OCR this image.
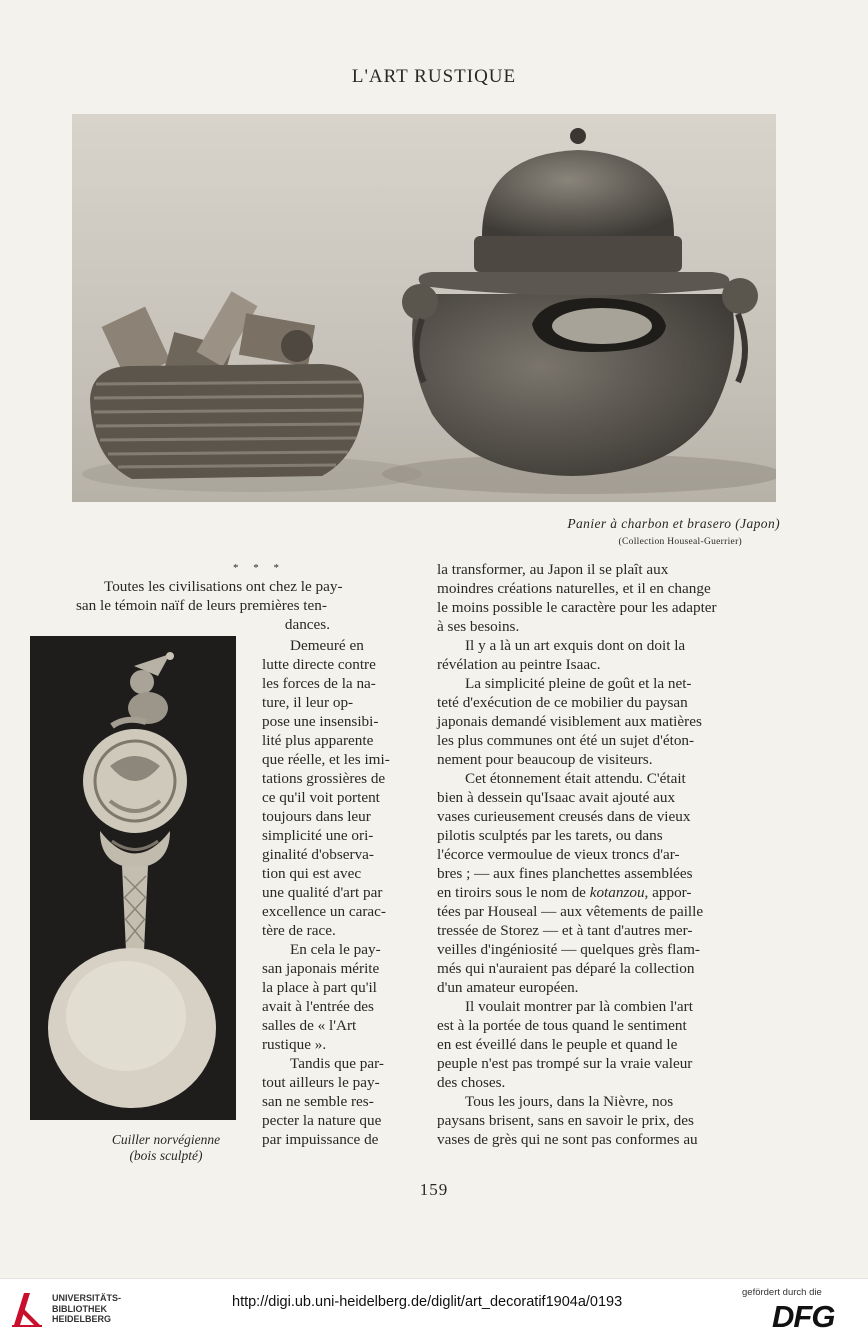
L'ART RUSTIQUE
Panier à charbon et brasero (Japon)
(Collection Houseal-Guerrier)
* * *

Toutes les civilisations ont chez le pay-

san le témoin naïf de leurs premières ten-

dances.

Cuiller norvégienne
(bois sculpté)

Demeuré en

lutte directe contre

les forces de la na-

ture, il leur op-

pose une insensibi-

lité plus apparente

que réelle, et les imi-

tations grossières de

ce qu'il voit portent

toujours dans leur

simplicité une ori-

ginalité d'observa-

tion qui est avec

une qualité d'art par

excellence un carac-

tère de race.

En cela le pay-

san japonais mérite

la place à part qu'il

avait à l'entrée des

salles de « l'Art

rustique ».

Tandis que par-

tout ailleurs le pay-

san ne semble res-

pecter la nature que

par impuissance de

la transformer, au Japon il se plaît aux

moindres créations naturelles, et il en change

le moins possible le caractère pour les adapter

à ses besoins.

Il y a là un art exquis dont on doit la

révélation au peintre Isaac.

La simplicité pleine de goût et la net-

teté d'exécution de ce mobilier du paysan

japonais demandé visiblement aux matières

les plus communes ont été un sujet d'éton-

nement pour beaucoup de visiteurs.

Cet étonnement était attendu. C'était

bien à dessein qu'Isaac avait ajouté aux

vases curieusement creusés dans de vieux

pilotis sculptés par les tarets, ou dans

l'écorce vermoulue de vieux troncs d'ar-

bres ; — aux fines planchettes assemblées

en tiroirs sous le nom de kotanzou, appor-

tées par Houseal — aux vêtements de paille

tressée de Storez — et à tant d'autres mer-

veilles d'ingéniosité — quelques grès flam-

més qui n'auraient pas déparé la collection

d'un amateur européen.

Il voulait montrer par là combien l'art

est à la portée de tous quand le sentiment

en est éveillé dans le peuple et quand le

peuple n'est pas trompé sur la vraie valeur

des choses.

Tous les jours, dans la Nièvre, nos

paysans brisent, sans en savoir le prix, des

vases de grès qui ne sont pas conformes au

159
UNIVERSITÄTS-
BIBLIOTHEK
HEIDELBERG
http://digi.ub.uni-heidelberg.de/diglit/art_decoratif1904a/0193
gefördert durch die
DFG
